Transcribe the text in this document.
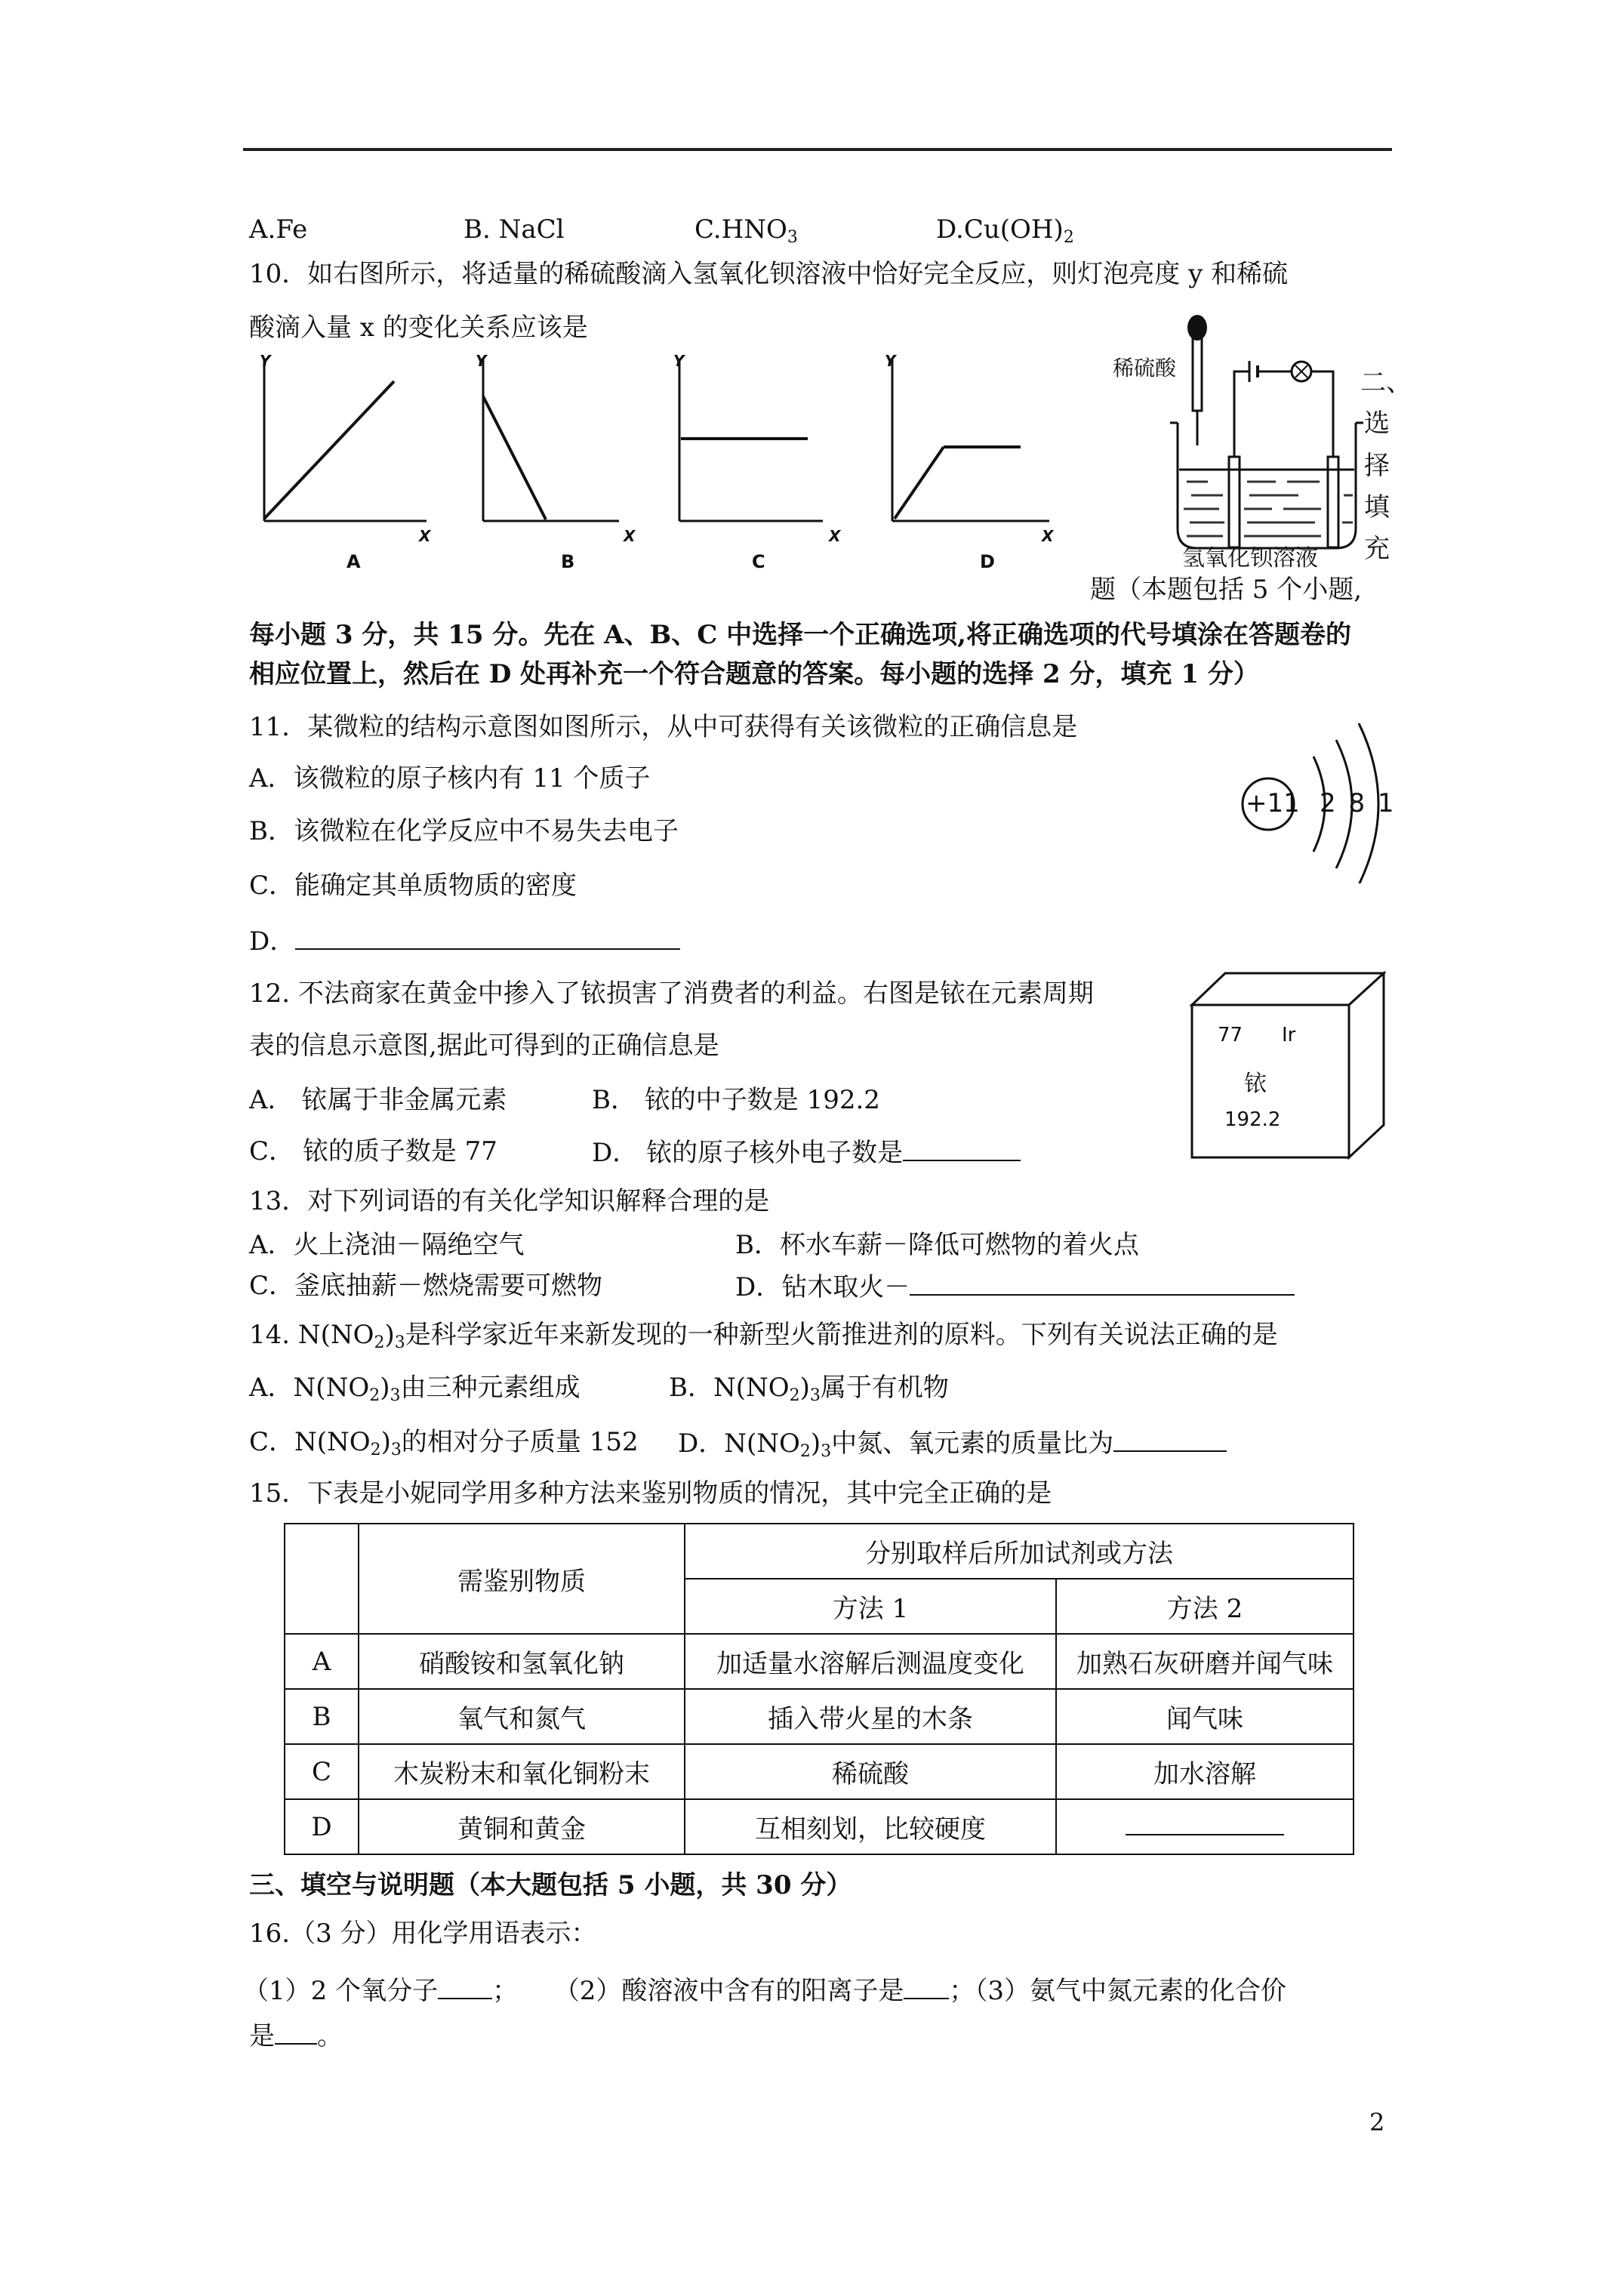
A.Fe	B. NaCl	$C.HNO_3$	$D.Cu(OH)_2$
10．如右图所示，将适量的稀硫酸滴入氢氧化钡溶液中恰好完全反应，则灯泡亮度 y 和稀硫
酸滴入量 x 的变化关系应该是
Y
X
Y
X
Y
X
Y
X
A	B	C	D
稀硫酸
氢氧化钡溶液
二、
选
择
填
充
题（本题包括 5 个小题,
每小题 3 分，共 15 分。先在 A、B、C 中选择一个正确选项,将正确选项的代号填涂在答题卷的
相应位置上，然后在 D 处再补充一个符合题意的答案。每小题的选择 2 分，填充 1 分）
11．某微粒的结构示意图如图所示，从中可获得有关该微粒的正确信息是
A．该微粒的原子核内有 11 个质子
B．该微粒在化学反应中不易失去电子
C．能确定其单质物质的密度
D．
+11 2 8 1
12. 不法商家在黄金中掺入了铱损害了消费者的利益。右图是铱在元素周期
表的信息示意图,据此可得到的正确信息是
A． 铱属于非金属元素	B． 铱的中子数是 192.2
C． 铱的质子数是 77	D． 铱的原子核外电子数是
77 Ir
铱
192.2
13．对下列词语的有关化学知识解释合理的是
A．火上浇油－隔绝空气	B．杯水车薪－降低可燃物的着火点
C．釜底抽薪－燃烧需要可燃物	D．钻木取火－
14. $N(NO_2)_3$是科学家近年来新发现的一种新型火箭推进剂的原料。下列有关说法正确的是
A．$N(NO_2)_3$由三种元素组成	B．$N(NO_2)_3$属于有机物
C．$N(NO_2)_3$的相对分子质量 152 D．$N(NO_2)_3$中氮、氧元素的质量比为
15．下表是小妮同学用多种方法来鉴别物质的情况，其中完全正确的是
	需鉴别物质	分别取样后所加试剂或方法	
		方法 1	方法 2
A	硝酸铵和氢氧化钠	加适量水溶解后测温度变化	加熟石灰研磨并闻气味
B	氧气和氮气	插入带火星的木条	闻气味
C	木炭粉末和氧化铜粉末	稀硫酸	加水溶解
D	黄铜和黄金	互相刻划，比较硬度	
三、填空与说明题（本大题包括 5 小题，共 30 分）
16.（3 分）用化学用语表示：
（1）2 个氧分子 ； （2）酸溶液中含有的阳离子是 ；（3）氨气中氮元素的化合价
是 。
2
